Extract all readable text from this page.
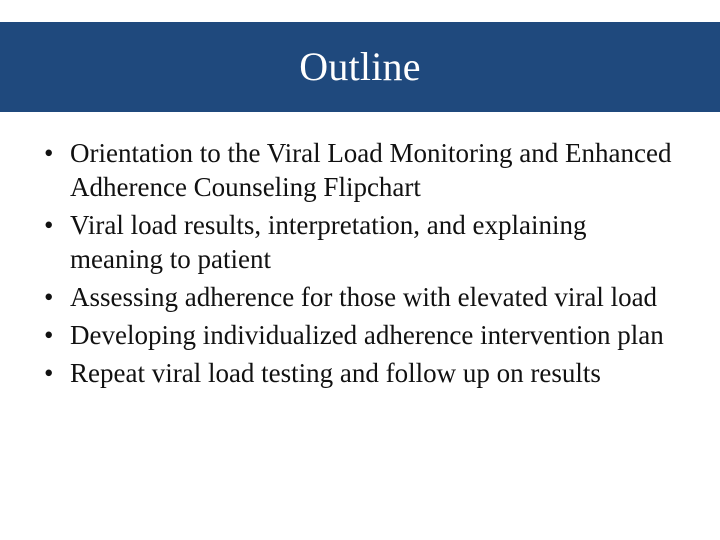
Outline
• Orientation to the Viral Load Monitoring and Enhanced Adherence Counseling Flipchart
• Viral load results, interpretation, and explaining meaning to patient
• Assessing adherence for those with elevated viral load
• Developing individualized adherence intervention plan
• Repeat viral load testing and follow up on results
